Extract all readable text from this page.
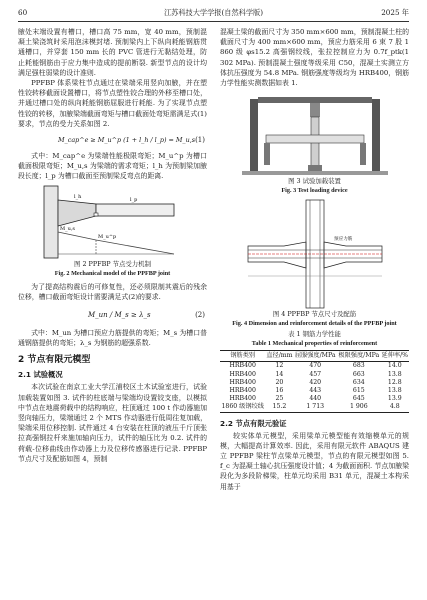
60	江苏科技大学学报(自然科学版)	2025 年

腋处末端设置有槽口，槽口高 75 mm，宽 40 mm，预制混凝土梁浇筑时采用泡沫模封堵. 预制梁内上下纵向耗能钢筋贯通槽口，并穿套 150 mm 长的 PVC 管进行无黏结处理，防止耗能钢筋由于应力集中造成的提前断裂. 新型节点的设计均满足强柱弱梁的设计准则.

PPFBP 体系梁柱节点通过在梁端采用竖向加腋，并在塑性铰转移截面设置槽口，将节点塑性铰合理的外移至槽口处，并通过槽口处的纵向耗能钢筋屈服进行耗能. 为了实现节点塑性铰的转移，加腋梁端截面弯矩与槽口截面处弯矩需满足式(1)要求，节点的受力关系如图 2.

M_cap^e ≥ M_u^p (1 + l_h / l_p) = M_u,s (1)

式中：M_cap^e 为梁端性能极限弯矩；M_u^p 为槽口截面极限弯矩；M_u,s 为梁端的需求弯矩；l_h 为预制梁加腋段长度；l_p 为槽口截面至预制梁反弯点的距离.

M_u,s
M_u^p
l_h	l_p

图 2 PPFBP 节点受力机制

Fig. 2 Mechanical model of the PPFBP joint

为了提高结构震后的可修复性，还必须限制其震后的残余位移，槽口截面弯矩设计需要满足式(2)的要求.

M_un / M_s ≥ λ_s	(2)

式中：M_un 为槽口预应力筋提供的弯矩；M_s 为槽口普通钢筋提供的弯矩；λ_s 为钢筋的超强系数.

2 节点有限元模型
2.1 试验概况

本次试验在南京工业大学江浦校区土木试验室进行，试验加载装置如图 3. 试件的柱底端与梁端均设置铰支座，以模拟中节点在地震荷载中的结构响应，柱顶通过 100 t 作动器施加竖向轴压力，梁端通过 2 个 MTS 作动器进行低周往复加载，梁端采用位移控制. 试件通过 4 台安装在柱顶的液压千斤顶张拉高强钢拉杆来施加轴向压力，试件的轴压比为 0.2. 试件的荷载-位移曲线由作动器上力及位移传感器进行记录. PPFBP 节点尺寸及配筋如图 4，预制

混凝土梁的截面尺寸为 350 mm×600 mm，预制混凝土柱的截面尺寸为 400 mm×600 mm，预应力筋采用 6 束 7 股 1 860 级 φs15.2 高强钢绞线，张拉控制应力为 0.7f_ptk(1 302 MPa). 预制混凝土强度等级采用 C50，混凝土实测立方体抗压强度为 54.8 MPa. 钢筋强度等级均为 HRB400，钢筋力学性能实测数据如表 1.

图 3 试验加载装置

Fig. 3 Test loading device

预应力筋

图 4 PPFBP 节点尺寸及配筋

Fig. 4 Dimension and reinforcement details of the PPFBP joint

表 1 钢筋力学性能

Table 1 Mechanical properties of reinforcement

钢筋类别	直径/mm	屈服强度/MPa	极限强度/MPa	延伸率/%
HRB400	12	470	683	14.0
HRB400	14	457	663	13.8
HRB400	20	420	634	12.8
HRB400	16	443	615	13.8
HRB400	25	440	645	13.9
1860 级钢绞线	15.2	1 713	1 906	4.8
2.2 节点有限元验证

较实体单元模型，采用梁单元模型能有效缩模单元的规模，大幅提高计算效率. 因此，采用有限元软件 ABAQUS 建立 PPFBP 梁柱节点梁单元模型，节点的有限元模型如图 5. f_c 为混凝土轴心抗压强度设计值；4 为截面面积. 节点加腋梁段化为多段阶梯梁，柱单元均采用 B31 单元，混凝土本构采用基于
